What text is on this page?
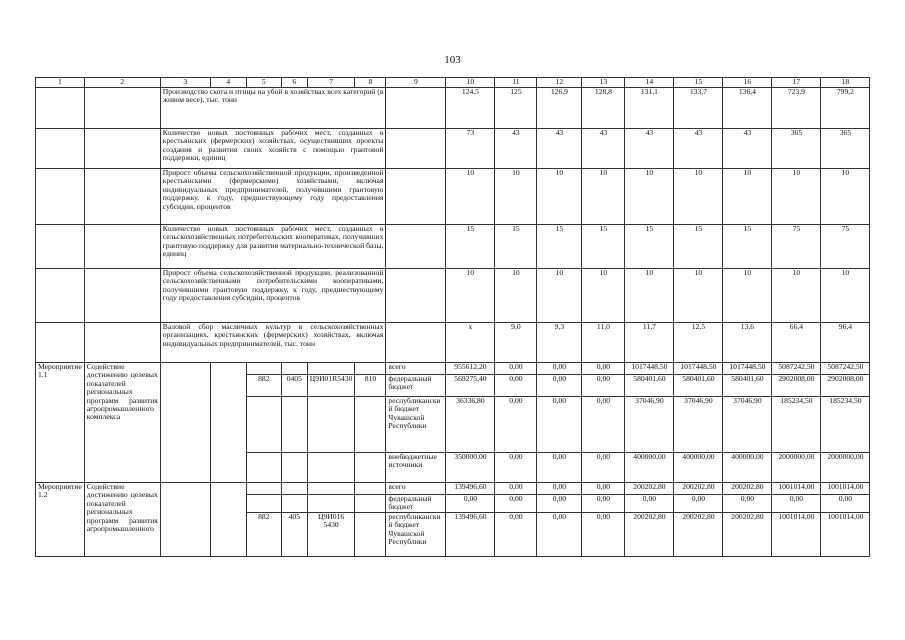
103
1	2	3	4	5	6	7	8	9	10	11	12	13	14	15	16	17	18
		Производство скота и птицы на убой в хозяйствах всех категорий (в живом весе), тыс. тонн							124,5	125	126,9	128,8	131,1	133,7	136,4	723,9	799,2
		Количество новых постоянных рабочих мест, созданных в крестьянских (фермерских) хозяйствах, осуществивших проекты создания и развития своих хозяйств с помощью грантовой поддержки, единиц							73	43	43	43	43	43	43	365	365
		Прирост объема сельскохозяйственной продукции, произведенной крестьянскими (фермерскими) хозяйствами, включая индивидуальных предпринимателей, получившими грантовую поддержку, к году, предшествующему году предоставления субсидии, процентов							10	10	10	10	10	10	10	10	10
		Количество новых постоянных рабочих мест, созданных в сельскохозяйственных потребительских кооперативах, получивших грантовую поддержку для развития материально-технической базы, единиц							15	15	15	15	15	15	15	75	75
		Прирост объема сельскохозяйственной продукции, реализованной сельскохозяйственными потребительскими кооперативами, получившими грантовую поддержку, к году, предшествующему году предоставления субсидии, процентов							10	10	10	10	10	10	10	10	10
		Валовой сбор масличных культур в сельскохозяйственных организациях, крестьянских (фермерских) хозяйствах, включая индивидуальных предпринимателей, тыс. тонн							х	9,0	9,3	11,0	11,7	12,5	13,6	66,4	96,4
Мероприятие 1.1	Содействие достижению целевых показателей региональных программ развития агропромышленного комплекса							всего	955612,20	0,00	0,00	0,00	1017448,50	1017448,50	1017448,50	5087242,50	5087242,50
				882	0405	Ц9И01R5430	810	федеральный бюджет	569275,40	0,00	0,00	0,00	580401,60	580401,60	580401,60	2902008,00	2902008,00
								республиканский бюджет Чувашской Республики	36336,80	0,00	0,00	0,00	37046,90	37046,90	37046,90	185234,50	185234,50
								внебюджетные источники	350000,00	0,00	0,00	0,00	400000,00	400000,00	400000,00	2000000,00	2000000,00
Мероприятие 1.2	Содействие достижению целевых показателей региональных программ развития агропромышленного							всего	139496,60	0,00	0,00	0,00	200202,80	200202,80	200202,80	1001014,00	1001014,00
								федеральный бюджет	0,00	0,00	0,00	0,00	0,00	0,00	0,00	0,00	0,00
				882	405	Ц9И016 5430		республиканский бюджет Чувашской Республики	139496,60	0,00	0,00	0,00	200202,80	200202,80	200202,80	1001014,00	1001014,00
